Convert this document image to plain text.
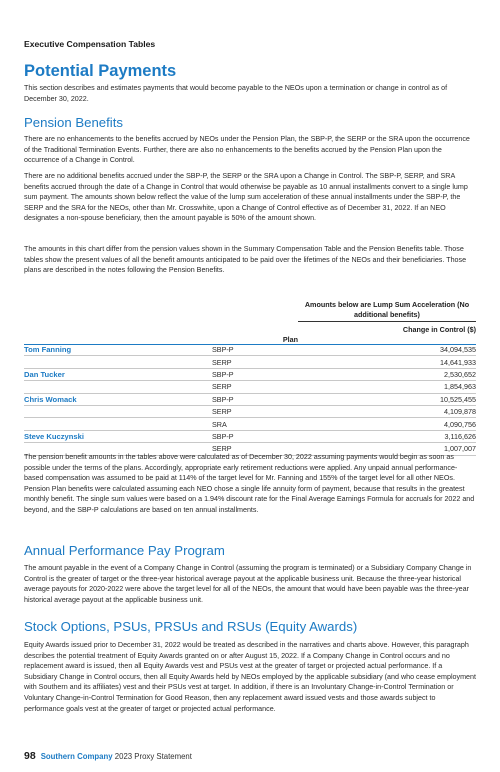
Executive Compensation Tables
Potential Payments

This section describes and estimates payments that would become payable to the NEOs upon a termination or change in control as of December 30, 2022.

Pension Benefits

There are no enhancements to the benefits accrued by NEOs under the Pension Plan, the SBP-P, the SERP or the SRA upon the occurrence of the Traditional Termination Events. Further, there are also no enhancements to the benefits accrued by the Pension Plan upon the occurrence of a Change in Control.

There are no additional benefits accrued under the SBP-P, the SERP or the SRA upon a Change in Control. The SBP-P, SERP, and SRA benefits accrued through the date of a Change in Control that would otherwise be payable as 10 annual installments convert to a single lump sum payment. The amounts shown below reflect the value of the lump sum acceleration of these annual installments under the SBP-P, the SERP and the SRA for the NEOs, other than Mr. Crosswhite, upon a Change of Control effective as of December 31, 2022. If an NEO designates a non-spouse beneficiary, then the amount payable is 50% of the amount shown.

The amounts in this chart differ from the pension values shown in the Summary Compensation Table and the Pension Benefits table. Those tables show the present values of all the benefit amounts anticipated to be paid over the lifetimes of the NEOs and their beneficiaries. Those plans are described in the notes following the Pension Benefits.

Amounts below are Lump Sum Acceleration (No additional benefits)
Change in Control ($)
Plan
Tom Fanning	SBP-P	34,094,535
	SERP	14,641,933
Dan Tucker	SBP-P	2,530,652
	SERP	1,854,963
Chris Womack	SBP-P	10,525,455
	SERP	4,109,878
	SRA	4,090,756
Steve Kuczynski	SBP-P	3,116,626
	SERP	1,007,007

The pension benefit amounts in the tables above were calculated as of December 30, 2022 assuming payments would begin as soon as possible under the terms of the plans. Accordingly, appropriate early retirement reductions were applied. Any unpaid annual performance-based compensation was assumed to be paid at 114% of the target level for Mr. Fanning and 155% of the target level for all other NEOs. Pension Plan benefits were calculated assuming each NEO chose a single life annuity form of payment, because that results in the greatest monthly benefit. The single sum values were based on a 1.94% discount rate for the Final Average Earnings Formula for accruals for 2022 and beyond, and the SBP-P calculations are based on ten annual installments.

Annual Performance Pay Program

The amount payable in the event of a Company Change in Control (assuming the program is terminated) or a Subsidiary Company Change in Control is the greater of target or the three-year historical average payout at the applicable business unit. Because the three-year historical average payouts for 2020-2022 were above the target level for all of the NEOs, the amount that would have been payable was the three-year historical average payout at the applicable business unit.

Stock Options, PSUs, PRSUs and RSUs (Equity Awards)

Equity Awards issued prior to December 31, 2022 would be treated as described in the narratives and charts above. However, this paragraph describes the potential treatment of Equity Awards granted on or after August 15, 2022. If a Company Change in Control occurs and no replacement award is issued, then all Equity Awards vest and PSUs vest at the greater of target or projected actual performance. If a Subsidiary Change in Control occurs, then all Equity Awards held by NEOs employed by the applicable subsidiary (and who cease employment with Southern and its affiliates) vest and their PSUs vest at target. In addition, if there is an Involuntary Change-in-Control Termination or Voluntary Change-in-Control Termination for Good Reason, then any replacement award issued vests and those awards subject to performance goals vest at the greater of target or projected actual performance.

98 Southern Company 2023 Proxy Statement
